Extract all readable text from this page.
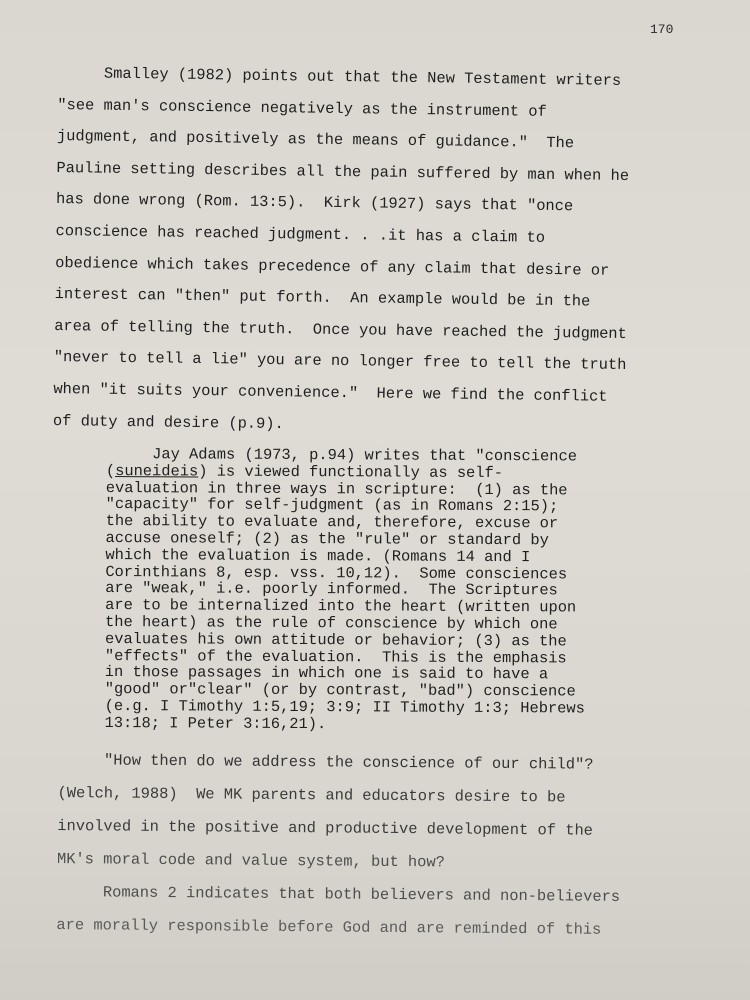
170
Smalley (1982) points out that the New Testament writers
"see man's conscience negatively as the instrument of
judgment, and positively as the means of guidance."  The
Pauline setting describes all the pain suffered by man when he
has done wrong (Rom. 13:5).  Kirk (1927) says that "once
conscience has reached judgment. . .it has a claim to
obedience which takes precedence of any claim that desire or
interest can "then" put forth.  An example would be in the
area of telling the truth.  Once you have reached the judgment
"never to tell a lie" you are no longer free to tell the truth
when "it suits your convenience."  Here we find the conflict
of duty and desire (p.9).
Jay Adams (1973, p.94) writes that "conscience
(suneideis) is viewed functionally as self-
evaluation in three ways in scripture:  (1) as the
"capacity" for self-judgment (as in Romans 2:15);
the ability to evaluate and, therefore, excuse or
accuse oneself; (2) as the "rule" or standard by
which the evaluation is made. (Romans 14 and I
Corinthians 8, esp. vss. 10,12).  Some consciences
are "weak," i.e. poorly informed.  The Scriptures
are to be internalized into the heart (written upon
the heart) as the rule of conscience by which one
evaluates his own attitude or behavior; (3) as the
"effects" of the evaluation.  This is the emphasis
in those passages in which one is said to have a
"good" or"clear" (or by contrast, "bad") conscience
(e.g. I Timothy 1:5,19; 3:9; II Timothy 1:3; Hebrews
13:18; I Peter 3:16,21).
"How then do we address the conscience of our child"?
(Welch, 1988)  We MK parents and educators desire to be
involved in the positive and productive development of the
MK's moral code and value system, but how?
Romans 2 indicates that both believers and non-believers
are morally responsible before God and are reminded of this
